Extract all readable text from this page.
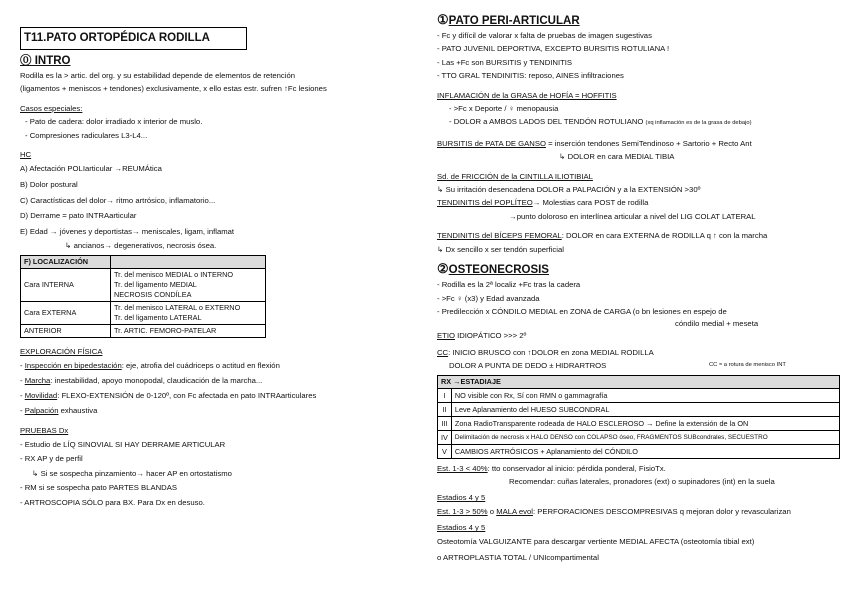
T11.PATO ORTOPÉDICA RODILLA
⓪ INTRO
Rodilla es la > artic. del org. y su estabilidad depende de elementos de retención
(ligamentos + meniscos + tendones) exclusivamente, x ello estas estr. sufren ↑Fc lesiones
Casos especiales:
- Pato de cadera: dolor irradiado x interior de muslo.
- Compresiones radiculares L3-L4...
HC
A) Afectación POLIarticular →REUMÁtica
B) Dolor postural
C) Caractísticas del dolor→ ritmo artrósico, inflamatorio...
D) Derrame = pato INTRAarticular
E) Edad → jóvenes y deportistas→ meniscales, ligam, inflamat
↳ ancianos→ degenerativos, necrosis ósea.
F) LOCALIZACIÓN	
Cara INTERNA	Tr. del menisco MEDIAL o INTERNO
Tr. del ligamento MEDIAL
NECROSIS CONDÍLEA

Cara EXTERNA	Tr. del menisco LATERAL o EXTERNO
Tr. del ligamento LATERAL

ANTERIOR	Tr. ARTIC. FEMORO-PATELAR
EXPLORACIÓN FÍSICA
- Inspección en bipedestación: eje, atrofia del cuádriceps o actitud en flexión
- Marcha: inestabilidad, apoyo monopodal, claudicación de la marcha...
- Movilidad: FLEXO-EXTENSIÓN de 0-120º, con Fc afectada en pato INTRAarticulares
- Palpación exhaustiva
PRUEBAS Dx
- Estudio de LÍQ SINOVIAL SI HAY DERRAME ARTICULAR
- RX AP y de perfil
↳ Si se sospecha pinzamiento→ hacer AP en ortostatismo
- RM si se sospecha pato PARTES BLANDAS
- ARTROSCOPIA SÓLO para BX. Para Dx en desuso.
①PATO PERI-ARTICULAR
- Fc y difícil de valorar x falta de pruebas de imagen sugestivas
- PATO JUVENIL DEPORTIVA, EXCEPTO BURSITIS ROTULIANA !
- Las +Fc son BURSITIS y TENDINITIS
- TTO GRAL TENDINITIS: reposo, AINES infiltraciones
INFLAMACIÓN de la GRASA de HOFÍA = HOFFITIS
- >Fc x Deporte / ♀ menopausia
- DOLOR a AMBOS LADOS DEL TENDÓN ROTULIANO (xq inflamación es de la grasa de debajo)
BURSITIS de PATA DE GANSO = inserción tendones SemiTendinoso + Sartorio + Recto Ant
↳ DOLOR en cara MEDIAL TIBIA
Sd. de FRICCIÓN de la CINTILLA ILIOTIBIAL
↳ Su irritación desencadena DOLOR a PALPACIÓN y a la EXTENSIÓN >30º
TENDINITIS del POPLÍTEO→ Molestias cara POST de rodilla
→punto doloroso en interlínea articular a nivel del LIG COLAT LATERAL
TENDINITIS del BÍCEPS FEMORAL: DOLOR en cara EXTERNA de RODILLA q ↑ con la marcha
↳ Dx sencillo x ser tendón superficial
②OSTEONECROSIS
- Rodilla es la 2ª localiz +Fc tras la cadera
- >Fc ♀ (x3) y Edad avanzada
- Predilección x CÓNDILO MEDIAL en ZONA de CARGA (o bn lesiones en espejo de
cóndilo medial + meseta
ETIO IDIOPÁTICO >>> 2º
CC: INICIO BRUSCO con ↑DOLOR en zona MEDIAL RODILLA
DOLOR A PUNTA DE DEDO ± HIDRARTROS	CC ≈ a rotura de menisco INT
RX →ESTADIAJE	
I	NO visible con Rx, Sí con RMN o gammagrafía
II	Leve Aplanamiento del HUESO SUBCONDRAL
III	Zona RadioTransparente rodeada de HALO ESCLEROSO → Define la extensión de la ON
IV	Delimitación de necrosis x HALO DENSO con COLAPSO óseo, FRAGMENTOS SUBcondrales, SECUESTRO
V	CAMBIOS ARTRÓSICOS + Aplanamiento del CÓNDILO
Est. 1-3 < 40%: tto conservador al inicio: pérdida ponderal, FisioTx.
Recomendar: cuñas laterales, pronadores (ext) o supinadores (int) en la suela
Estadios 4 y 5
Est. 1-3 > 50% o MALA evol: PERFORACIONES DESCOMPRESIVAS q mejoran dolor y revascularizan
Estadios 4 y 5
Osteotomía VALGUIZANTE para descargar vertiente MEDIAL AFECTA (osteotomía tibial ext)
o ARTROPLASTIA TOTAL / UNIcompartimental
